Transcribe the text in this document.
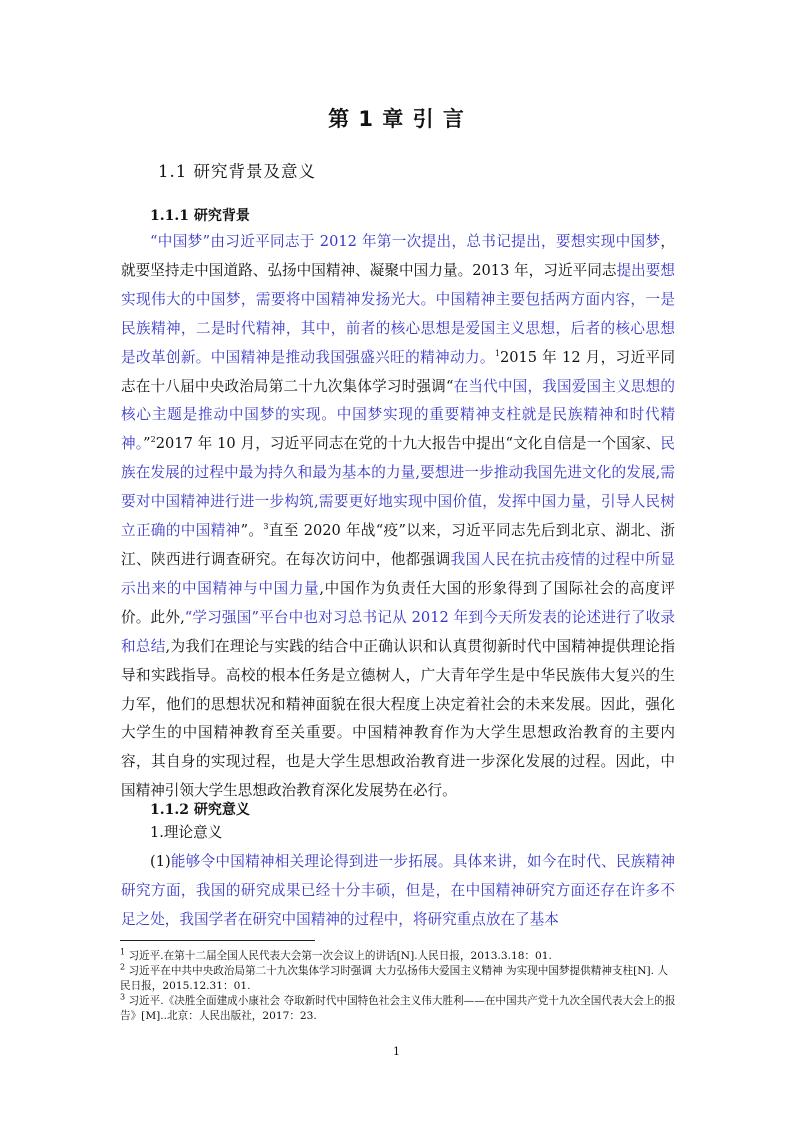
第 1 章 引 言
1.1 研究背景及意义
1.1.1 研究背景
“中国梦”由习近平同志于 2012 年第一次提出，总书记提出，要想实现中国梦，就要坚持走中国道路、弘扬中国精神、凝聚中国力量。2013 年，习近平同志提出要想实现伟大的中国梦，需要将中国精神发扬光大。中国精神主要包括两方面内容，一是民族精神，二是时代精神，其中，前者的核心思想是爱国主义思想，后者的核心思想是改革创新。中国精神是推动我国强盛兴旺的精神动力。$^1$2015 年 12 月，习近平同志在十八届中央政治局第二十九次集体学习时强调“在当代中国，我国爱国主义思想的核心主题是推动中国梦的实现。中国梦实现的重要精神支柱就是民族精神和时代精神。”$^2$2017 年 10 月，习近平同志在党的十九大报告中提出“文化自信是一个国家、民族在发展的过程中最为持久和最为基本的力量,要想进一步推动我国先进文化的发展,需要对中国精神进行进一步构筑,需要更好地实现中国价值，发挥中国力量，引导人民树立正确的中国精神”。$^3$直至 2020 年战“疫”以来，习近平同志先后到北京、湖北、浙江、陕西进行调查研究。在每次访问中，他都强调我国人民在抗击疫情的过程中所显示出来的中国精神与中国力量,中国作为负责任大国的形象得到了国际社会的高度评价。此外,“学习强国”平台中也对习总书记从 2012 年到今天所发表的论述进行了收录和总结,为我们在理论与实践的结合中正确认识和认真贯彻新时代中国精神提供理论指导和实践指导。高校的根本任务是立德树人，广大青年学生是中华民族伟大复兴的生力军，他们的思想状况和精神面貌在很大程度上决定着社会的未来发展。因此，强化大学生的中国精神教育至关重要。中国精神教育作为大学生思想政治教育的主要内容，其自身的实现过程，也是大学生思想政治教育进一步深化发展的过程。因此，中国精神引领大学生思想政治教育深化发展势在必行。
1.1.2 研究意义
1.理论意义
(1)能够令中国精神相关理论得到进一步拓展。具体来讲，如今在时代、民族精神研究方面，我国的研究成果已经十分丰硕，但是，在中国精神研究方面还存在许多不足之处，我国学者在研究中国精神的过程中，将研究重点放在了基本
$^1$ 习近平.在第十二届全国人民代表大会第一次会议上的讲话[N].人民日报，2013.3.18：01.
$^2$ 习近平在中共中央政治局第二十九次集体学习时强调 大力弘扬伟大爱国主义精神 为实现中国梦提供精神支柱[N]. 人民日报，2015.12.31：01.
$^3$ 习近平.《决胜全面建成小康社会 夺取新时代中国特色社会主义伟大胜利——在中国共产党十九次全国代表大会上的报告》[M]..北京：人民出版社，2017：23.
1
